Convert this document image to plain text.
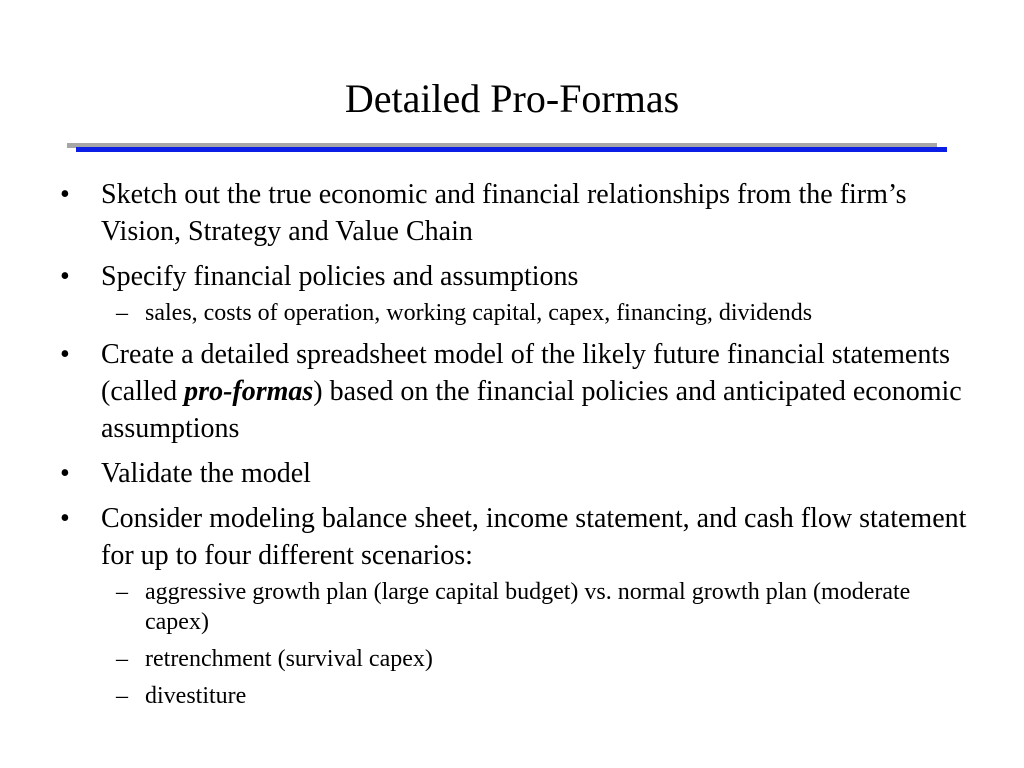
Detailed Pro-Formas
•	Sketch out the true economic and financial relationships from the firm’s Vision, Strategy and Value Chain
•	Specify financial policies and assumptions
– sales, costs of operation, working capital, capex, financing, dividends
•	Create a detailed spreadsheet model of the likely future financial statements (called pro-formas) based on the financial policies and anticipated economic assumptions
•	Validate the model
•	Consider modeling balance sheet, income statement, and cash flow statement for up to four different scenarios:
– aggressive growth plan (large capital budget) vs. normal growth plan (moderate capex)
– retrenchment (survival capex)
– divestiture
